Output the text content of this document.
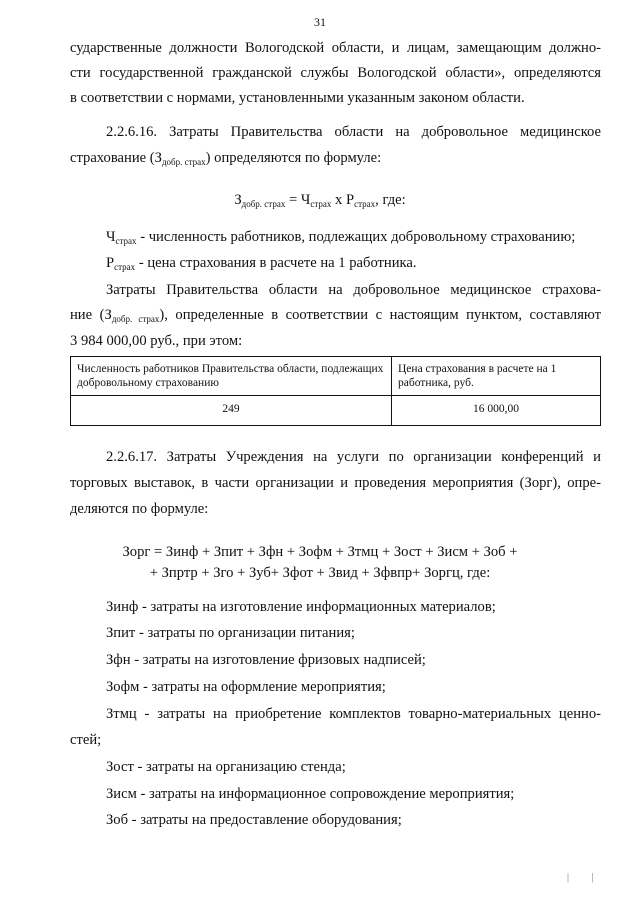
31
сударственные должности Вологодской области, и лицам, замещающим должно-
сти государственной гражданской службы Вологодской области», определяются
в соответствии с нормами, установленными указанным законом области.
2.2.6.16. Затраты Правительства области на добровольное медицинское
страхование $(З_{добр. страх})$ определяются по формуле:
$З_{добр. страх} = Ч_{страх}$ х $Р_{страх}$, где:
$Ч_{страх}$ - численность работников, подлежащих добровольному страхованию;
$Р_{страх}$ - цена страхования в расчете на 1 работника.
Затраты Правительства области на добровольное медицинское страхова-
ние $(З_{добр. страх})$, определенные в соответствии с настоящим пунктом, составляют
3 984 000,00 руб., при этом:
Численность работников Правительства области, подлежащих добровольному страхованию	Цена страхования в расчете на 1 работника, руб.
249	16 000,00
2.2.6.17. Затраты Учреждения на услуги по организации конференций и
торговых выставок, в части организации и проведения мероприятия (Зорг), опре-
деляются по формуле:
Зорг = Зинф + Зпит + Зфн + Зофм + Зтмц + Зост + Зисм + Зоб +
+ Зпртр + Зго + Зуб+ Зфот + Звид + Зфвпр+ Зоргц, где:
Зинф - затраты на изготовление информационных материалов;
Зпит - затраты по организации питания;
Зфн - затраты на изготовление фризовых надписей;
Зофм - затраты на оформление мероприятия;
Зтмц - затраты на приобретение комплектов товарно-материальных ценно-
стей;
Зост - затраты на организацию стенда;
Зисм - затраты на информационное сопровождение мероприятия;
Зоб - затраты на предоставление оборудования;
| |
